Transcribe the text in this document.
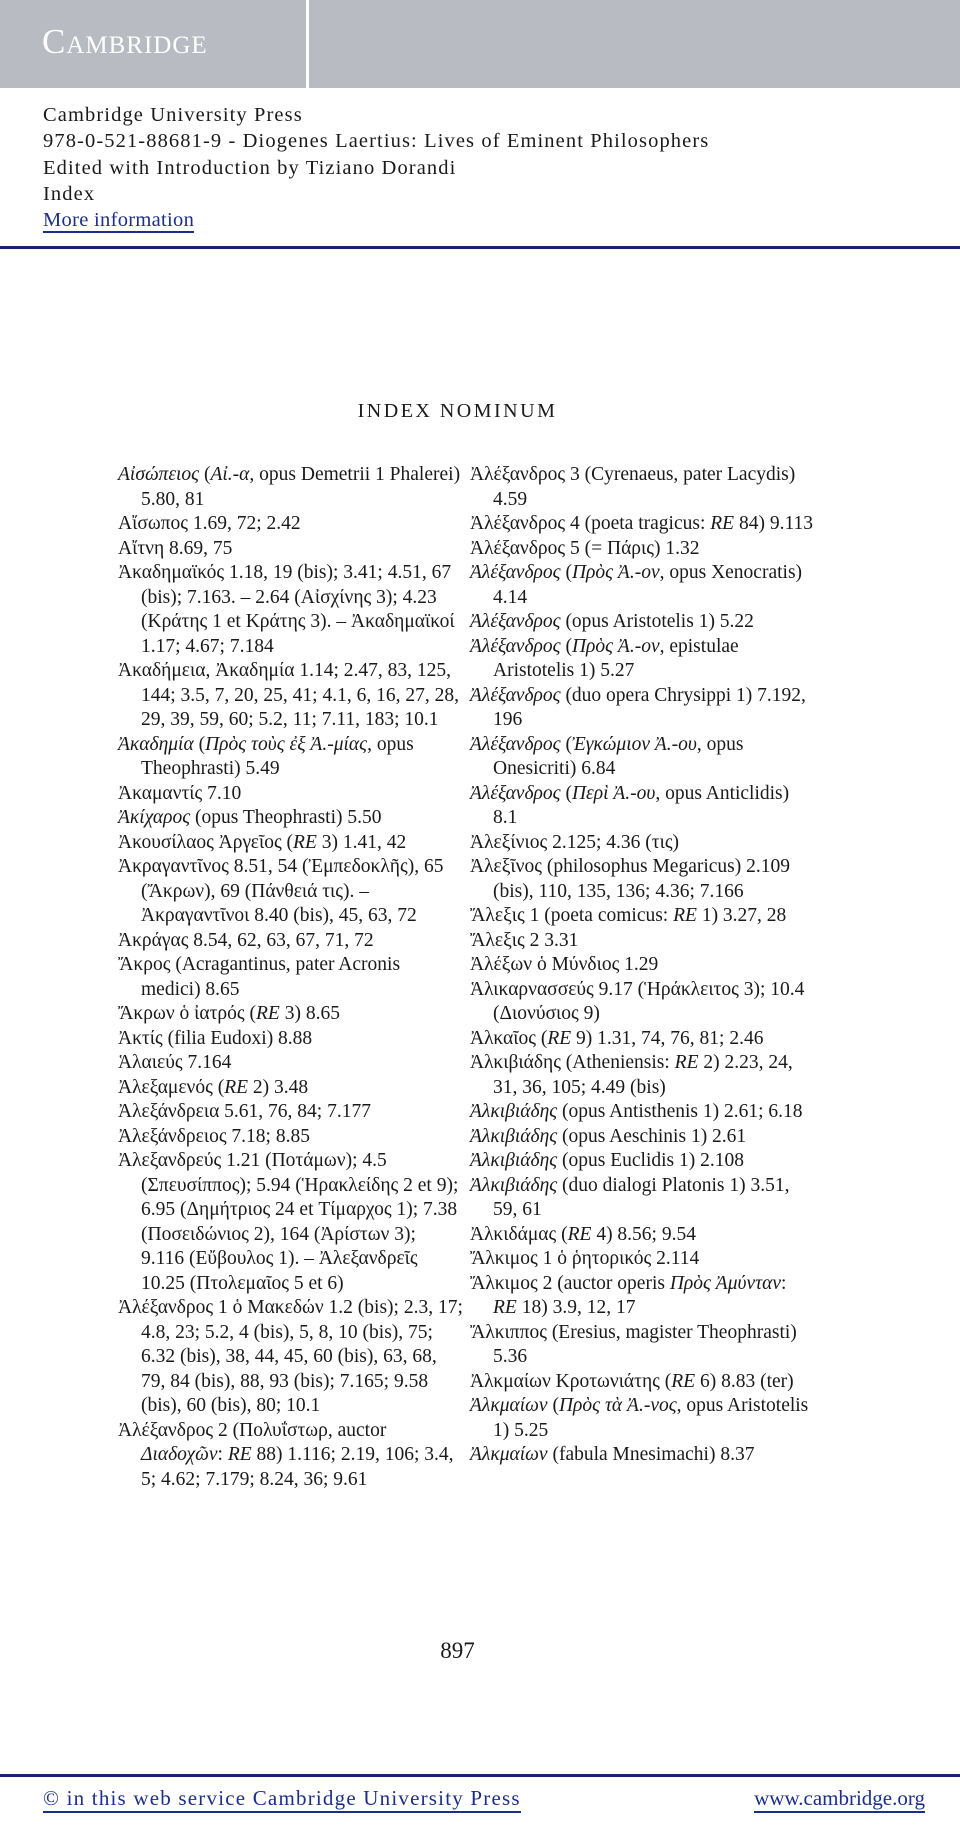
Cambridge
Cambridge University Press
978-0-521-88681-9 - Diogenes Laertius: Lives of Eminent Philosophers
Edited with Introduction by Tiziano Dorandi
Index
More information
INDEX NOMINUM
Αἰσώπειος (Αἰ.-α, opus Demetrii 1 Phalerei) 5.80, 81
Αἴσωπος 1.69, 72; 2.42
Αἴτνη 8.69, 75
Ἀκαδημαϊκός 1.18, 19 (bis); 3.41; 4.51, 67 (bis); 7.163. – 2.64 (Αἰσχίνης 3); 4.23 (Κράτης 1 et Κράτης 3). – Ἀκαδημαϊκοί 1.17; 4.67; 7.184
Ἀκαδήμεια, Ἀκαδημία 1.14; 2.47, 83, 125, 144; 3.5, 7, 20, 25, 41; 4.1, 6, 16, 27, 28, 29, 39, 59, 60; 5.2, 11; 7.11, 183; 10.1
Ἀκαδημία (Πρὸς τοὺς ἐξ Ἀ.-μίας, opus Theophrasti) 5.49
Ἀκαμαντίς 7.10
Ἀκίχαρος (opus Theophrasti) 5.50
Ἀκουσίλαος Ἀργεῖος (RE 3) 1.41, 42
Ἀκραγαντῖνος 8.51, 54 (Ἐμπεδοκλῆς), 65 (Ἄκρων), 69 (Πάνθειά τις). – Ἀκραγαντῖνοι 8.40 (bis), 45, 63, 72
Ἀκράγας 8.54, 62, 63, 67, 71, 72
Ἄκρος (Acragantinus, pater Acronis medici) 8.65
Ἄκρων ὁ ἰατρός (RE 3) 8.65
Ἀκτίς (filia Eudoxi) 8.88
Ἁλαιεύς 7.164
Ἀλεξαμενός (RE 2) 3.48
Ἀλεξάνδρεια 5.61, 76, 84; 7.177
Ἀλεξάνδρειος 7.18; 8.85
Ἀλεξανδρεύς 1.21 (Ποτάμων); 4.5 (Σπευσίππος); 5.94 (Ἡρακλείδης 2 et 9); 6.95 (Δημήτριος 24 et Τίμαρχος 1); 7.38 (Ποσειδώνιος 2), 164 (Ἀρίστων 3); 9.116 (Εὔβουλος 1). – Ἀλεξανδρεῖς 10.25 (Πτολεμαῖος 5 et 6)
Ἀλέξανδρος 1 ὁ Μακεδών 1.2 (bis); 2.3, 17; 4.8, 23; 5.2, 4 (bis), 5, 8, 10 (bis), 75; 6.32 (bis), 38, 44, 45, 60 (bis), 63, 68, 79, 84 (bis), 88, 93 (bis); 7.165; 9.58 (bis), 60 (bis), 80; 10.1
Ἀλέξανδρος 2 (Πολυΐστωρ, auctor Διαδοχῶν: RE 88) 1.116; 2.19, 106; 3.4, 5; 4.62; 7.179; 8.24, 36; 9.61
Ἀλέξανδρος 3 (Cyrenaeus, pater Lacydis) 4.59
Ἀλέξανδρος 4 (poeta tragicus: RE 84) 9.113
Ἀλέξανδρος 5 (= Πάρις) 1.32
Ἀλέξανδρος (Πρὸς Ἀ.-ον, opus Xenocratis) 4.14
Ἀλέξανδρος (opus Aristotelis 1) 5.22
Ἀλέξανδρος (Πρὸς Ἀ.-ον, epistulae Aristotelis 1) 5.27
Ἀλέξανδρος (duo opera Chrysippi 1) 7.192, 196
Ἀλέξανδρος (Ἐγκώμιον Ἀ.-ου, opus Onesicriti) 6.84
Ἀλέξανδρος (Περὶ Ἀ.-ου, opus Anticlidis) 8.1
Ἀλεξίνιος 2.125; 4.36 (τις)
Ἀλεξῖνος (philosophus Megaricus) 2.109 (bis), 110, 135, 136; 4.36; 7.166
Ἄλεξις 1 (poeta comicus: RE 1) 3.27, 28
Ἄλεξις 2 3.31
Ἀλέξων ὁ Μύνδιος 1.29
Ἁλικαρνασσεύς 9.17 (Ἡράκλειτος 3); 10.4 (Διονύσιος 9)
Ἀλκαῖος (RE 9) 1.31, 74, 76, 81; 2.46
Ἀλκιβιάδης (Atheniensis: RE 2) 2.23, 24, 31, 36, 105; 4.49 (bis)
Ἀλκιβιάδης (opus Antisthenis 1) 2.61; 6.18
Ἀλκιβιάδης (opus Aeschinis 1) 2.61
Ἀλκιβιάδης (opus Euclidis 1) 2.108
Ἀλκιβιάδης (duo dialogi Platonis 1) 3.51, 59, 61
Ἀλκιδάμας (RE 4) 8.56; 9.54
Ἄλκιμος 1 ὁ ῥητορικός 2.114
Ἄλκιμος 2 (auctor operis Πρὸς Ἀμύνταν: RE 18) 3.9, 12, 17
Ἄλκιππος (Eresius, magister Theophrasti) 5.36
Ἀλκμαίων Κροτωνιάτης (RE 6) 8.83 (ter)
Ἀλκμαίων (Πρὸς τὰ Ἀ.-νος, opus Aristotelis 1) 5.25
Ἀλκμαίων (fabula Mnesimachi) 8.37
897
© in this web service Cambridge University Press	www.cambridge.org
